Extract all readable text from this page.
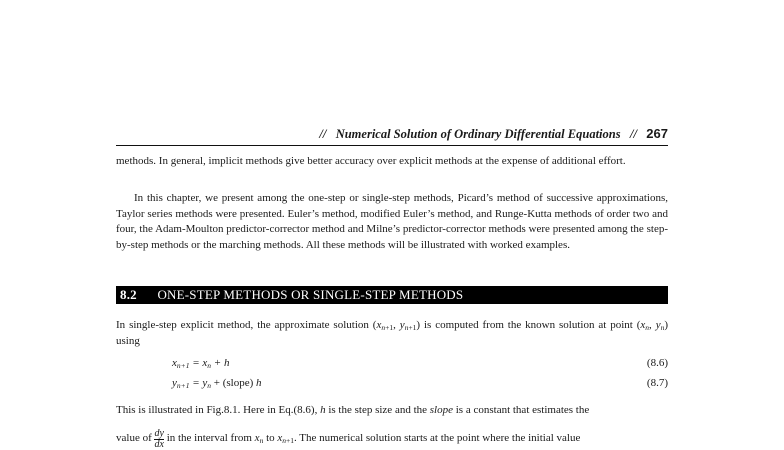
// Numerical Solution of Ordinary Differential Equations // 267

methods. In general, implicit methods give better accuracy over explicit methods at the expense of additional effort.

In this chapter, we present among the one-step or single-step methods, Picard’s method of successive approximations, Taylor series methods were presented. Euler’s method, modified Euler’s method, and Runge-Kutta methods of order two and four, the Adam-Moulton predictor-corrector method and Milne’s predictor-corrector methods were presented among the step-by-step methods or the marching methods. All these methods will be illustrated with worked examples.

8.2 ONE-STEP METHODS OR SINGLE-STEP METHODS

In single-step explicit method, the approximate solution ($x_{n+1}$, $y_{n+1}$) is computed from the known solution at point ($x_n$, $y_n$) using

$x_{n+1} = x_n + h$	(8.6)
$y_{n+1} = y_n$ + (slope) h	(8.7)

This is illustrated in Fig.8.1. Here in Eq.(8.6), h is the step size and the slope is a constant that estimates the

value of $\frac{dy}{dx}$ in the interval from $x_n$ to $x_{n+1}$. The numerical solution starts at the point where the initial value
